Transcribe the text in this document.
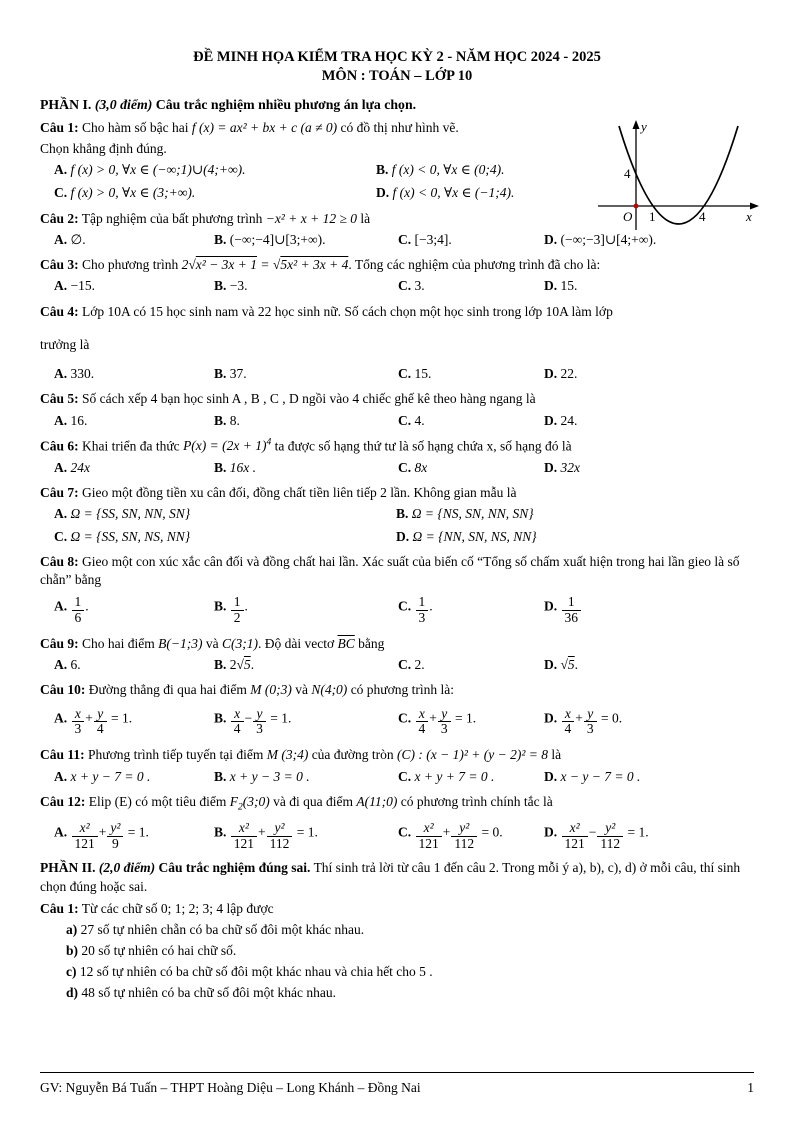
ĐỀ MINH HỌA KIỂM TRA HỌC KỲ 2 - NĂM HỌC 2024 - 2025
MÔN : TOÁN – LỚP 10
PHẦN I. (3,0 điểm) Câu trắc nghiệm nhiều phương án lựa chọn.
Câu 1: Cho hàm số bậc hai f (x) = ax² + bx + c (a ≠ 0) có đồ thị như hình vẽ.
Chọn khẳng định đúng.
A. f (x) > 0, ∀x ∈ (−∞;1)∪(4;+∞).	B. f (x) < 0, ∀x ∈ (0;4).
C. f (x) > 0, ∀x ∈ (3;+∞).	D. f (x) < 0, ∀x ∈ (−1;4).
y
x
O 1	4
4
Câu 2: Tập nghiệm của bất phương trình −x² + x + 12 ≥ 0 là
A. ∅.	B. (−∞;−4]∪[3;+∞).	C. [−3;4].	D. (−∞;−3]∪[4;+∞).
Câu 3: Cho phương trình 2√x² − 3x + 1 = √5x² + 3x + 4. Tổng các nghiệm của phương trình đã cho là:
A. −15.	B. −3.	C. 3.	D. 15.
Câu 4: Lớp 10A có 15 học sinh nam và 22 học sinh nữ. Số cách chọn một học sinh trong lớp 10A làm lớp
trưởng là
A. 330.	B. 37.	C. 15.	D. 22.
Câu 5: Số cách xếp 4 bạn học sinh A , B , C , D ngồi vào 4 chiếc ghế kê theo hàng ngang là
A. 16.	B. 8.	C. 4.	D. 24.
Câu 6: Khai triển đa thức $P(x) = (2x + 1)^4$ ta được số hạng thứ tư là số hạng chứa x, số hạng đó là
A. 24x	B. 16x .	C. 8x	D. 32x
Câu 7: Gieo một đồng tiền xu cân đối, đồng chất tiền liên tiếp 2 lần. Không gian mẫu là
A. Ω = {SS, SN, NN, SN}	B. Ω = {NS, SN, NN, SN}
C. Ω = {SS, SN, NS, NN}	D. Ω = {NN, SN, NS, NN}
Câu 8: Gieo một con xúc xắc cân đối và đồng chất hai lần. Xác suất của biến cố “Tổng số chấm xuất hiện trong hai lần gieo là số chẵn” bằng
A. $\frac{1}{6}$ .	B. $\frac{1}{2}$ .	C. $\frac{1}{3}$ .	D. $\frac{1}{36}$
Câu 9: Cho hai điểm B(−1;3) và C(3;1). Độ dài vectơ $\overline{BC}$ bằng
A. 6.	B. 2√5.	C. 2.	D. √5.
Câu 10: Đường thẳng đi qua hai điểm M (0;3) và N(4;0) có phương trình là:
A. $\frac{x}{3} + \frac{y}{4} = 1$.	B. $\frac{x}{4} - \frac{y}{3} = 1$.	C. $\frac{x}{4} + \frac{y}{3} = 1$.	D. $\frac{x}{4} + \frac{y}{3} = 0$.
Câu 11: Phương trình tiếp tuyến tại điểm M (3;4) của đường tròn (C) : (x − 1)² + (y − 2)² = 8 là
A. x + y − 7 = 0 .	B. x + y − 3 = 0 .	C. x + y + 7 = 0 .	D. x − y − 7 = 0 .
Câu 12: Elip (E) có một tiêu điểm $F_2(3;0)$ và đi qua điểm A(11;0) có phương trình chính tắc là
A. $\frac{\text{x²}}{121} + \frac{\text{y²}}{9} = 1$.	B. $\frac{\text{x²}}{121} + \frac{\text{y²}}{112} = 1$.	C. $\frac{\text{x²}}{121} + \frac{\text{y²}}{112} = 0$.	D. $\frac{\text{x²}}{121} - \frac{\text{y²}}{112} = 1$.
PHẦN II. (2,0 điểm) Câu trắc nghiệm đúng sai. Thí sinh trả lời từ câu 1 đến câu 2. Trong mỗi ý a), b), c), d) ở mỗi câu, thí sinh chọn đúng hoặc sai.
Câu 1: Từ các chữ số 0; 1; 2; 3; 4 lập được
a) 27 số tự nhiên chẵn có ba chữ số đôi một khác nhau.
b) 20 số tự nhiên có hai chữ số.
c) 12 số tự nhiên có ba chữ số đôi một khác nhau và chia hết cho 5 .
d) 48 số tự nhiên có ba chữ số đôi một khác nhau.
GV: Nguyễn Bá Tuấn – THPT Hoàng Diệu – Long Khánh – Đồng Nai	1
